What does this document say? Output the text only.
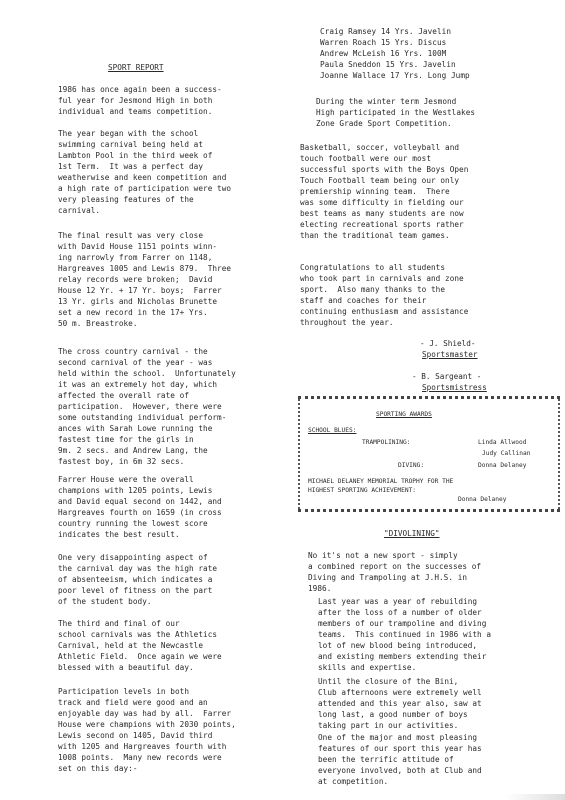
SPORT REPORT

1986 has once again been a success-
ful year for Jesmond High in both
individual and teams competition.

The year began with the school
swimming carnival being held at
Lambton Pool in the third week of
1st Term.  It was a perfect day
weatherwise and keen competition and
a high rate of participation were two
very pleasing features of the
carnival.

The final result was very close
with David House 1151 points winn-
ing narrowly from Farrer on 1148,
Hargreaves 1005 and Lewis 879.  Three
relay records were broken;  David
House 12 Yr. + 17 Yr. boys;  Farrer
13 Yr. girls and Nicholas Brunette
set a new record in the 17+ Yrs.
50 m. Breastroke.

The cross country carnival - the
second carnival of the year - was
held within the school.  Unfortunately
it was an extremely hot day, which
affected the overall rate of
participation.  However, there were
some outstanding individual perform-
ances with Sarah Lowe running the
fastest time for the girls in
9m. 2 secs. and Andrew Lang, the
fastest boy, in 6m 32 secs.

Farrer House were the overall
champions with 1205 points, Lewis
and David equal second on 1442, and
Hargreaves fourth on 1659 (in cross
country running the lowest score
indicates the best result.

One very disappointing aspect of
the carnival day was the high rate
of absenteeism, which indicates a
poor level of fitness on the part
of the student body.

The third and final of our
school carnivals was the Athletics
Carnival, held at the Newcastle
Athletic Field.  Once again we were
blessed with a beautiful day.

Participation levels in both
track and field were good and an
enjoyable day was had by all.  Farrer
House were champions with 2030 points,
Lewis second on 1405, David third
with 1205 and Hargreaves fourth with
1008 points.  Many new records were
set on this day:-

Craig Ramsey 14 Yrs. Javelin
Warren Roach 15 Yrs. Discus
Andrew McLeish 16 Yrs. 100M
Paula Sneddon 15 Yrs. Javelin
Joanne Wallace 17 Yrs. Long Jump

During the winter term Jesmond
High participated in the Westlakes
Zone Grade Sport Competition.

Basketball, soccer, volleyball and
touch football were our most
successful sports with the Boys Open
Touch Football team being our only
premiership winning team.  There
was some difficulty in fielding our
best teams as many students are now
electing recreational sports rather
than the traditional team games.

Congratulations to all students
who took part in carnivals and zone
sport.  Also many thanks to the
staff and coaches for their
continuing enthusiasm and assistance
throughout the year.

- J. Shield-
Sportsmaster
- B. Sargeant -
Sportsmistress
SPORTING AWARDS
SCHOOL BLUES:
TRAMPOLINING:	Linda Allwood
Judy Callinan
DIVING:	Donna Delaney
MICHAEL DELANEY MEMORIAL TROPHY FOR THE
HIGHEST SPORTING ACHIEVEMENT:
Donna Delaney
"DIVOLINING"

No it's not a new sport - simply
a combined report on the successes of
Diving and Trampoling at J.H.S. in
1986.

Last year was a year of rebuilding
after the loss of a number of older
members of our trampoline and diving
teams.  This continued in 1986 with a
lot of new blood being introduced,
and existing members extending their
skills and expertise.

Until the closure of the Bini,
Club afternoons were extremely well
attended and this year also, saw at
long last, a good number of boys
taking part in our activities.

One of the major and most pleasing
features of our sport this year has
been the terrific attitude of
everyone involved, both at Club and
at competition.
